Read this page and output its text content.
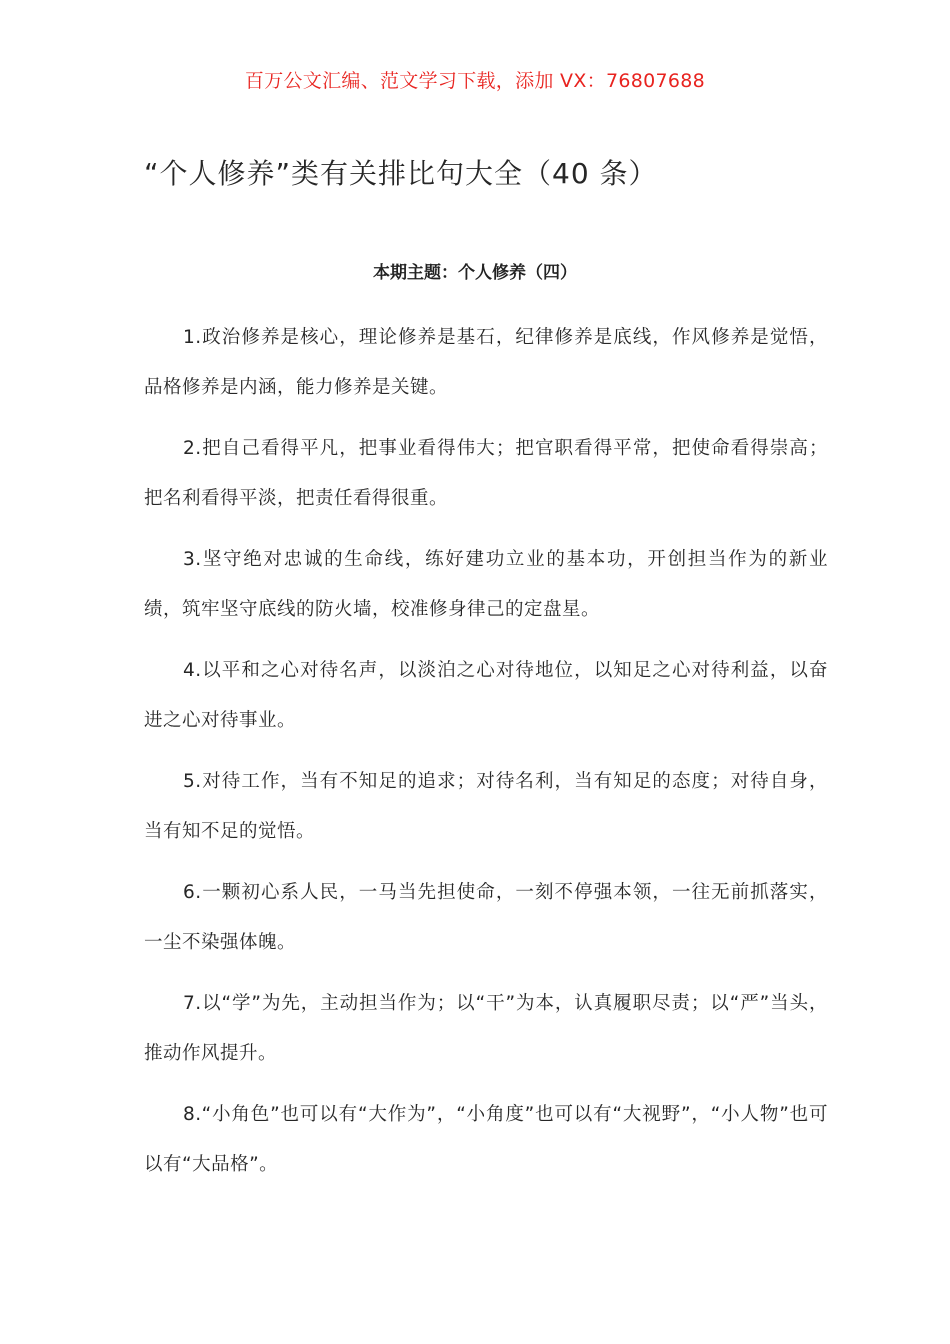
百万公文汇编、范文学习下载，添加 VX：76807688
“个人修养”类有关排比句大全（40 条）
本期主题：个人修养（四）

1.政治修养是核心，理论修养是基石，纪律修养是底线，作风修养是觉悟，品格修养是内涵，能力修养是关键。

2.把自己看得平凡，把事业看得伟大；把官职看得平常，把使命看得崇高；把名利看得平淡，把责任看得很重。

3.坚守绝对忠诚的生命线，练好建功立业的基本功，开创担当作为的新业绩，筑牢坚守底线的防火墙，校准修身律己的定盘星。

4.以平和之心对待名声，以淡泊之心对待地位，以知足之心对待利益，以奋进之心对待事业。

5.对待工作，当有不知足的追求；对待名利，当有知足的态度；对待自身，当有知不足的觉悟。

6.一颗初心系人民，一马当先担使命，一刻不停强本领，一往无前抓落实，一尘不染强体魄。

7.以“学”为先，主动担当作为；以“干”为本，认真履职尽责；以“严”当头，推动作风提升。

8.“小角色”也可以有“大作为”，“小角度”也可以有“大视野”，“小人物”也可以有“大品格”。
